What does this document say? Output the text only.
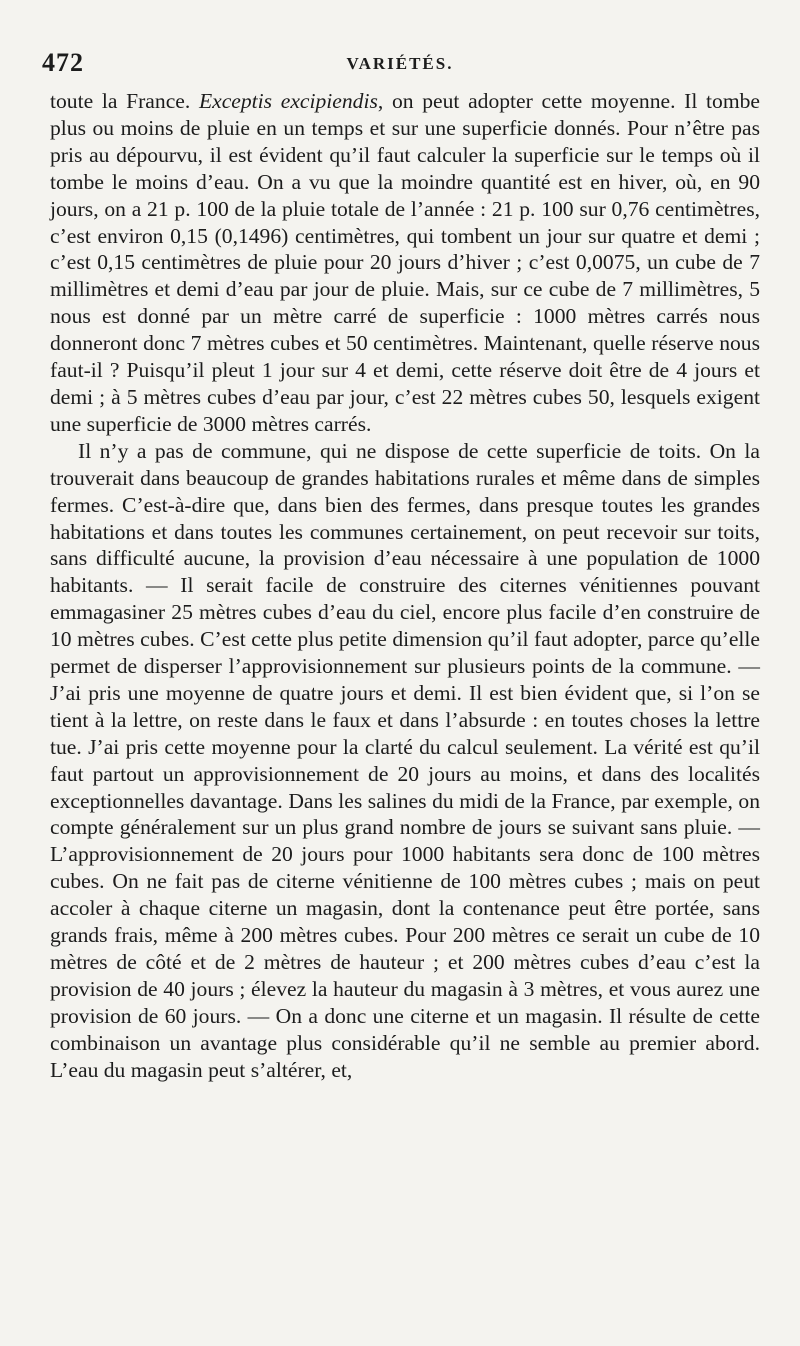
472	VARIÉTÉS.

toute la France. Exceptis excipiendis, on peut adopter cette moyenne. Il tombe plus ou moins de pluie en un temps et sur une superficie donnés. Pour n’être pas pris au dépourvu, il est évident qu’il faut calculer la superficie sur le temps où il tombe le moins d’eau. On a vu que la moindre quantité est en hiver, où, en 90 jours, on a 21 p. 100 de la pluie totale de l’année : 21 p. 100 sur 0,76 centimètres, c’est environ 0,15 (0,1496) centimètres, qui tombent un jour sur quatre et demi ; c’est 0,15 centimètres de pluie pour 20 jours d’hiver ; c’est 0,0075, un cube de 7 millimètres et demi d’eau par jour de pluie. Mais, sur ce cube de 7 millimètres, 5 nous est donné par un mètre carré de superficie : 1000 mètres carrés nous donneront donc 7 mètres cubes et 50 centimètres. Maintenant, quelle réserve nous faut-il ? Puisqu’il pleut 1 jour sur 4 et demi, cette réserve doit être de 4 jours et demi ; à 5 mètres cubes d’eau par jour, c’est 22 mètres cubes 50, lesquels exigent une superficie de 3000 mètres carrés.

Il n’y a pas de commune, qui ne dispose de cette superficie de toits. On la trouverait dans beaucoup de grandes habitations rurales et même dans de simples fermes. C’est-à-dire que, dans bien des fermes, dans presque toutes les grandes habitations et dans toutes les communes certainement, on peut recevoir sur toits, sans difficulté aucune, la provision d’eau nécessaire à une population de 1000 habitants. — Il serait facile de construire des citernes vénitiennes pouvant emmagasiner 25 mètres cubes d’eau du ciel, encore plus facile d’en construire de 10 mètres cubes. C’est cette plus petite dimension qu’il faut adopter, parce qu’elle permet de disperser l’approvisionnement sur plusieurs points de la commune. — J’ai pris une moyenne de quatre jours et demi. Il est bien évident que, si l’on se tient à la lettre, on reste dans le faux et dans l’absurde : en toutes choses la lettre tue. J’ai pris cette moyenne pour la clarté du calcul seulement. La vérité est qu’il faut partout un approvisionnement de 20 jours au moins, et dans des localités exceptionnelles davantage. Dans les salines du midi de la France, par exemple, on compte généralement sur un plus grand nombre de jours se suivant sans pluie. — L’approvisionnement de 20 jours pour 1000 habitants sera donc de 100 mètres cubes. On ne fait pas de citerne vénitienne de 100 mètres cubes ; mais on peut accoler à chaque citerne un magasin, dont la contenance peut être portée, sans grands frais, même à 200 mètres cubes. Pour 200 mètres ce serait un cube de 10 mètres de côté et de 2 mètres de hauteur ; et 200 mètres cubes d’eau c’est la provision de 40 jours ; élevez la hauteur du magasin à 3 mètres, et vous aurez une provision de 60 jours. — On a donc une citerne et un magasin. Il résulte de cette combinaison un avantage plus considérable qu’il ne semble au premier abord. L’eau du magasin peut s’altérer, et,
